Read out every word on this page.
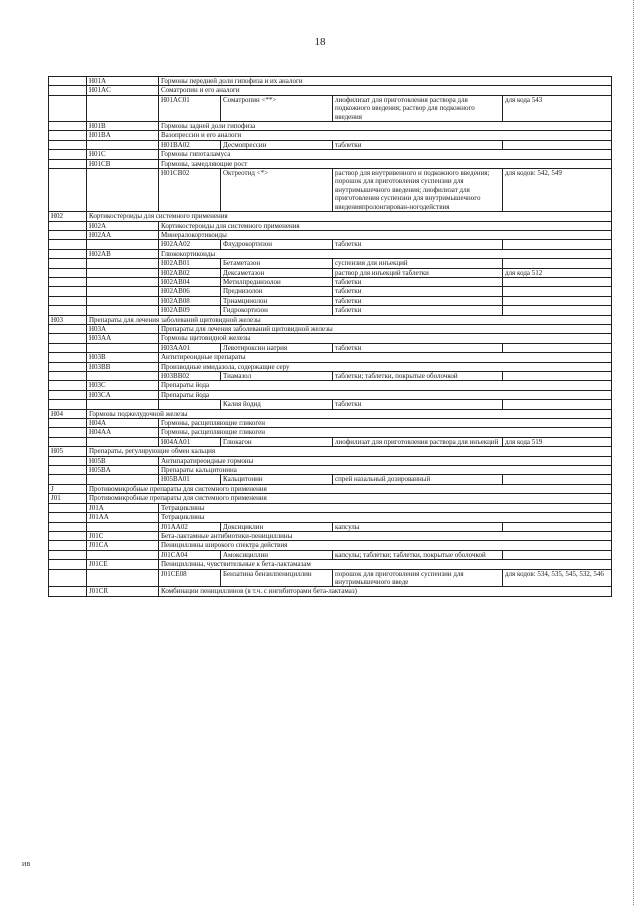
18
	H01A	Гормоны передней доли гипофиза и их аналоги			
	H01AC	Соматропин и его аналоги			
		H01AC01	Соматропин <**>	лиофилизат для приготовления раствора для подкожного введения; раствор для подкожного введения	для кода 543
	H01B	Гормоны задней доли гипофиза			
	H01BA	Вазопрессин и его аналоги			
		H01BA02	Десмопрессин	таблетки	
	H01C	Гормоны гипоталамуса			
	H01CB	Гормоны, замедляющие рост			
		H01CB02	Октреотид <*>	раствор для внутривенного и подкожного введения; порошок для приготовления суспензии для внутримышечного введения; лиофилизат для приготовления суспензии для внутримышечного введенияпролонгирован-ногодействия	для кодов: 542, 549
H02	Кортикостероиды для системного применения				
	H02A	Кортикостероиды для системного применения			
	H02AA	Минералокортикоиды			
		H02AA02	Флудрокортизон	таблетки	
	H02AB	Глюкокортикоиды			
		H02AB01	Бетаметазон	суспензия для инъекций	
		H02AB02	Дексаметазон	раствор для инъекций таблетки	для кода 512
		H02AB04	Метилпреднизолон	таблетки	
		H02AB06	Преднизолон	таблетки	
		H02AB08	Триамцинолон	таблетки	
		H02AB09	Гидрокортизон	таблетки	
H03	Препараты для лечения заболеваний щитовидной железы				
	H03A	Препараты для лечения заболеваний щитовидной железы			
	H03AA	Гормоны щитовидной железы			
		H03AA01	Левотироксин натрия	таблетки	
	H03B	Антитиреоидные препараты			
	H03BB	Производные имидазола, содержащие серу			
		H03BB02	Тиамазол	таблетки; таблетки, покрытые оболочкой	
	H03C	Препараты йода			
	H03CA	Препараты йода			
			Калия йодид	таблетки	
H04	Гормоны поджелудочной железы				
	H04A	Гормоны, расщепляющие гликоген			
	H04AA	Гормоны, расщепляющие гликоген			
		H04AA01	Глюкагон	лиофилизат для приготовления раствора для инъекций	для кода 519
H05	Препараты, регулирующие обмен кальция				
	H05B	Антипаратиреоидные гормоны			
	H05BA	Препараты кальцитонина			
		H05BA01	Кальцитонин	спрей назальный дозированный	
J	Противомикробные препараты для системного применения				
J01	Противомикробные препараты для системного применения				
	J01A	Тетрациклины			
	J01AA	Тетрациклины			
		J01AA02	Доксициклин	капсулы	
	J01C	Бета-лактамные антибиотики-пенициллины			
	J01CA	Пенициллины широкого спектра действия			
		J01CA04	Амоксициллин	капсулы; таблетки; таблетки, покрытые оболочкой	
	J01CE	Пенициллины, чувствительные к бета-лактамазам			
		J01CE08	Бензатина бензилпенициллин	порошок для приготовления суспензии для внутримышечного введе	для кодов: 534, 535, 545, 532, 546
	J01CR	Комбинации пенициллинов (в т.ч. с ингибиторами бета-лактамаз)			
ИВ
